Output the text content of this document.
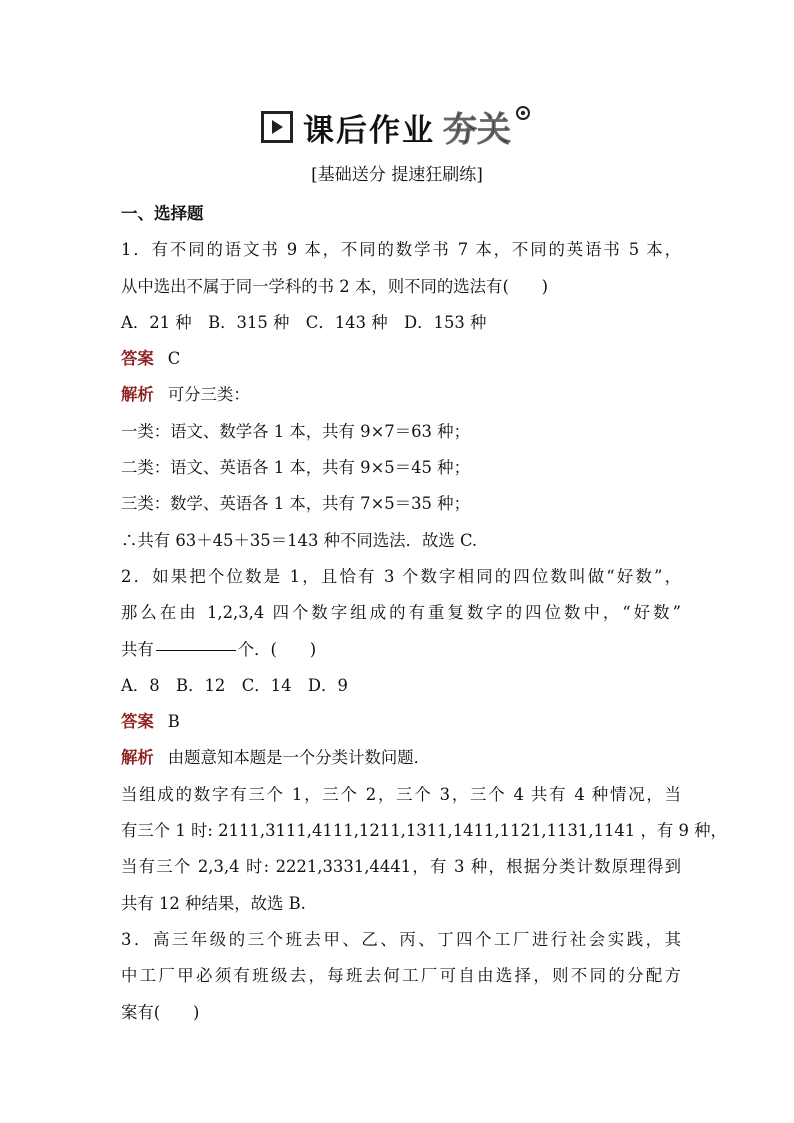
课后作业 夯关
[基础送分 提速狂刷练]
一、选择题
1．有不同的语文书 9 本，不同的数学书 7 本，不同的英语书 5 本，
从中选出不属于同一学科的书 2 本，则不同的选法有(　　)
A．21 种　B．315 种　C．143 种　D．153 种
答案 C
解析 可分三类：
一类：语文、数学各 1 本，共有 9×7＝63 种；
二类：语文、英语各 1 本，共有 9×5＝45 种；
三类：数学、英语各 1 本，共有 7×5＝35 种；
∴共有 63＋45＋35＝143 种不同选法．故选 C.
2．如果把个位数是 1，且恰有 3 个数字相同的四位数叫做“好数”，
那么在由 1,2,3,4 四个数字组成的有重复数字的四位数中，“好数”
共有	个．(　　)
A．8　B．12　C．14　D．9
答案 B
解析 由题意知本题是一个分类计数问题．
当组成的数字有三个 1，三个 2，三个 3，三个 4 共有 4 种情况，当
有三个 1 时: 2111,3111,4111,1211,1311,1411,1121,1131,1141 ，有 9 种，
当有三个 2,3,4 时: 2221,3331,4441，有 3 种，根据分类计数原理得到
共有 12 种结果，故选 B.
3．高三年级的三个班去甲、乙、丙、丁四个工厂进行社会实践，其
中工厂甲必须有班级去，每班去何工厂可自由选择，则不同的分配方
案有(　　)
